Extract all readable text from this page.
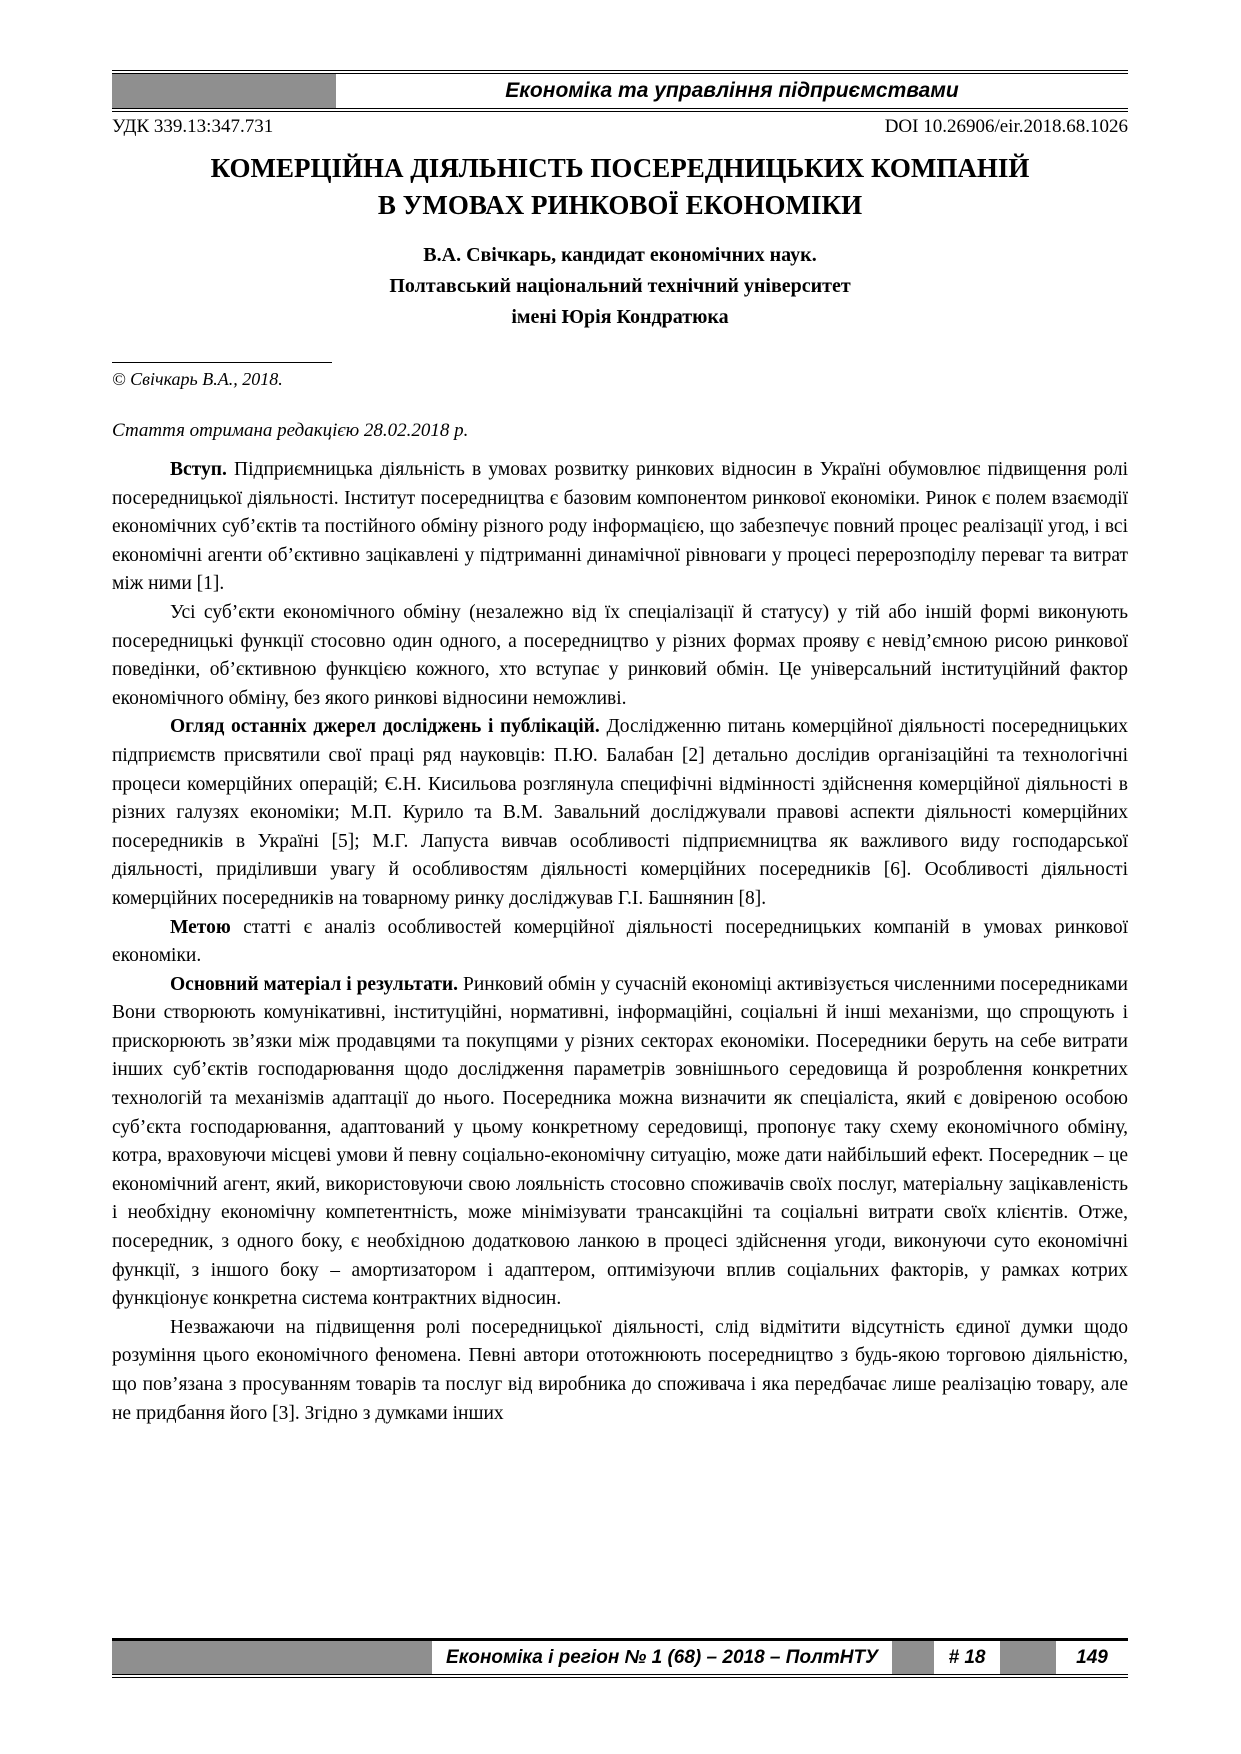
Економіка та управління підприємствами
УДК 339.13:347.731	DOI 10.26906/eir.2018.68.1026
КОМЕРЦІЙНА ДІЯЛЬНІСТЬ ПОСЕРЕДНИЦЬКИХ КОМПАНІЙ
В УМОВАХ РИНКОВОЇ ЕКОНОМІКИ
В.А. Свічкарь, кандидат економічних наук.
Полтавський національний технічний університет
імені Юрія Кондратюка
© Свічкарь В.А., 2018.
Стаття отримана редакцією 28.02.2018 р.

Вступ. Підприємницька діяльність в умовах розвитку ринкових відносин в Україні обумовлює підвищення ролі посередницької діяльності. Інститут посередництва є базовим компонентом ринкової економіки. Ринок є полем взаємодії економічних суб’єктів та постійного обміну різного роду інформацією, що забезпечує повний процес реалізації угод, і всі економічні агенти об’єктивно зацікавлені у підтриманні динамічної рівноваги у процесі перерозподілу переваг та витрат між ними [1].

Усі суб’єкти економічного обміну (незалежно від їх спеціалізації й статусу) у тій або іншій формі виконують посередницькі функції стосовно один одного, а посередництво у різних формах прояву є невід’ємною рисою ринкової поведінки, об’єктивною функцією кожного, хто вступає у ринковий обмін. Це універсальний інституційний фактор економічного обміну, без якого ринкові відносини неможливі.

Огляд останніх джерел досліджень і публікацій. Дослідженню питань комерційної діяльності посередницьких підприємств присвятили свої праці ряд науковців: П.Ю. Балабан [2] детально дослідив організаційні та технологічні процеси комерційних операцій; Є.Н. Кисильова розглянула специфічні відмінності здійснення комерційної діяльності в різних галузях економіки; М.П. Курило та В.М. Завальний досліджували правові аспекти діяльності комерційних посередників в Україні [5]; М.Г. Лапуста вивчав особливості підприємництва як важливого виду господарської діяльності, приділивши увагу й особливостям діяльності комерційних посередників [6]. Особливості діяльності комерційних посередників на товарному ринку досліджував Г.І. Башнянин [8].

Метою статті є аналіз особливостей комерційної діяльності посередницьких компаній в умовах ринкової економіки.

Основний матеріал і результати. Ринковий обмін у сучасній економіці активізується численними посередниками Вони створюють комунікативні, інституційні, нормативні, інформаційні, соціальні й інші механізми, що спрощують і прискорюють зв’язки між продавцями та покупцями у різних секторах економіки. Посередники беруть на себе витрати інших суб’єктів господарювання щодо дослідження параметрів зовнішнього середовища й розроблення конкретних технологій та механізмів адаптації до нього. Посередника можна визначити як спеціаліста, який є довіреною особою суб’єкта господарювання, адаптований у цьому конкретному середовищі, пропонує таку схему економічного обміну, котра, враховуючи місцеві умови й певну соціально-економічну ситуацію, може дати найбільший ефект. Посередник – це економічний агент, який, використовуючи свою лояльність стосовно споживачів своїх послуг, матеріальну зацікавленість і необхідну економічну компетентність, може мінімізувати трансакційні та соціальні витрати своїх клієнтів. Отже, посередник, з одного боку, є необхідною додатковою ланкою в процесі здійснення угоди, виконуючи суто економічні функції, з іншого боку – амортизатором і адаптером, оптимізуючи вплив соціальних факторів, у рамках котрих функціонує конкретна система контрактних відносин.

Незважаючи на підвищення ролі посередницької діяльності, слід відмітити відсутність єдиної думки щодо розуміння цього економічного феномена. Певні автори ототожнюють посередництво з будь-якою торговою діяльністю, що пов’язана з просуванням товарів та послуг від виробника до споживача і яка передбачає лише реалізацію товару, але не придбання його [3]. Згідно з думками інших

Економіка і регіон № 1 (68) – 2018 – ПолтНТУ	# 18	149
